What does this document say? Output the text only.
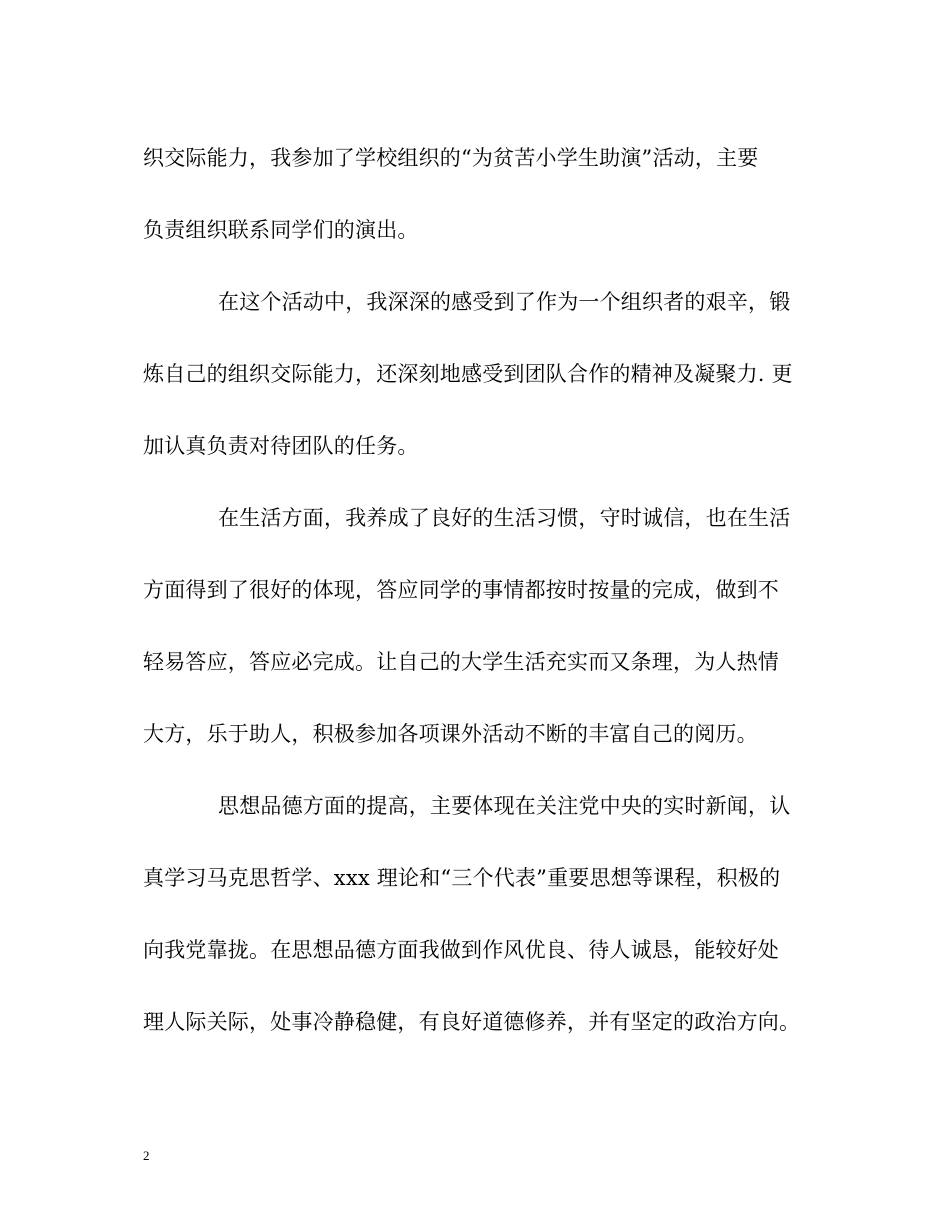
织交际能力，我参加了学校组织的“为贫苦小学生助演”活动，主要
负责组织联系同学们的演出。
在这个活动中，我深深的感受到了作为一个组织者的艰辛，锻
炼自己的组织交际能力，还深刻地感受到团队合作的精神及凝聚力. 更
加认真负责对待团队的任务。
在生活方面，我养成了良好的生活习惯，守时诚信，也在生活
方面得到了很好的体现，答应同学的事情都按时按量的完成，做到不
轻易答应，答应必完成。让自己的大学生活充实而又条理，为人热情
大方，乐于助人，积极参加各项课外活动不断的丰富自己的阅历。
思想品德方面的提高，主要体现在关注党中央的实时新闻，认
真学习马克思哲学、xxx 理论和“三个代表”重要思想等课程，积极的
向我党靠拢。在思想品德方面我做到作风优良、待人诚恳，能较好处
理人际关际，处事冷静稳健，有良好道德修养，并有坚定的政治方向。
2
